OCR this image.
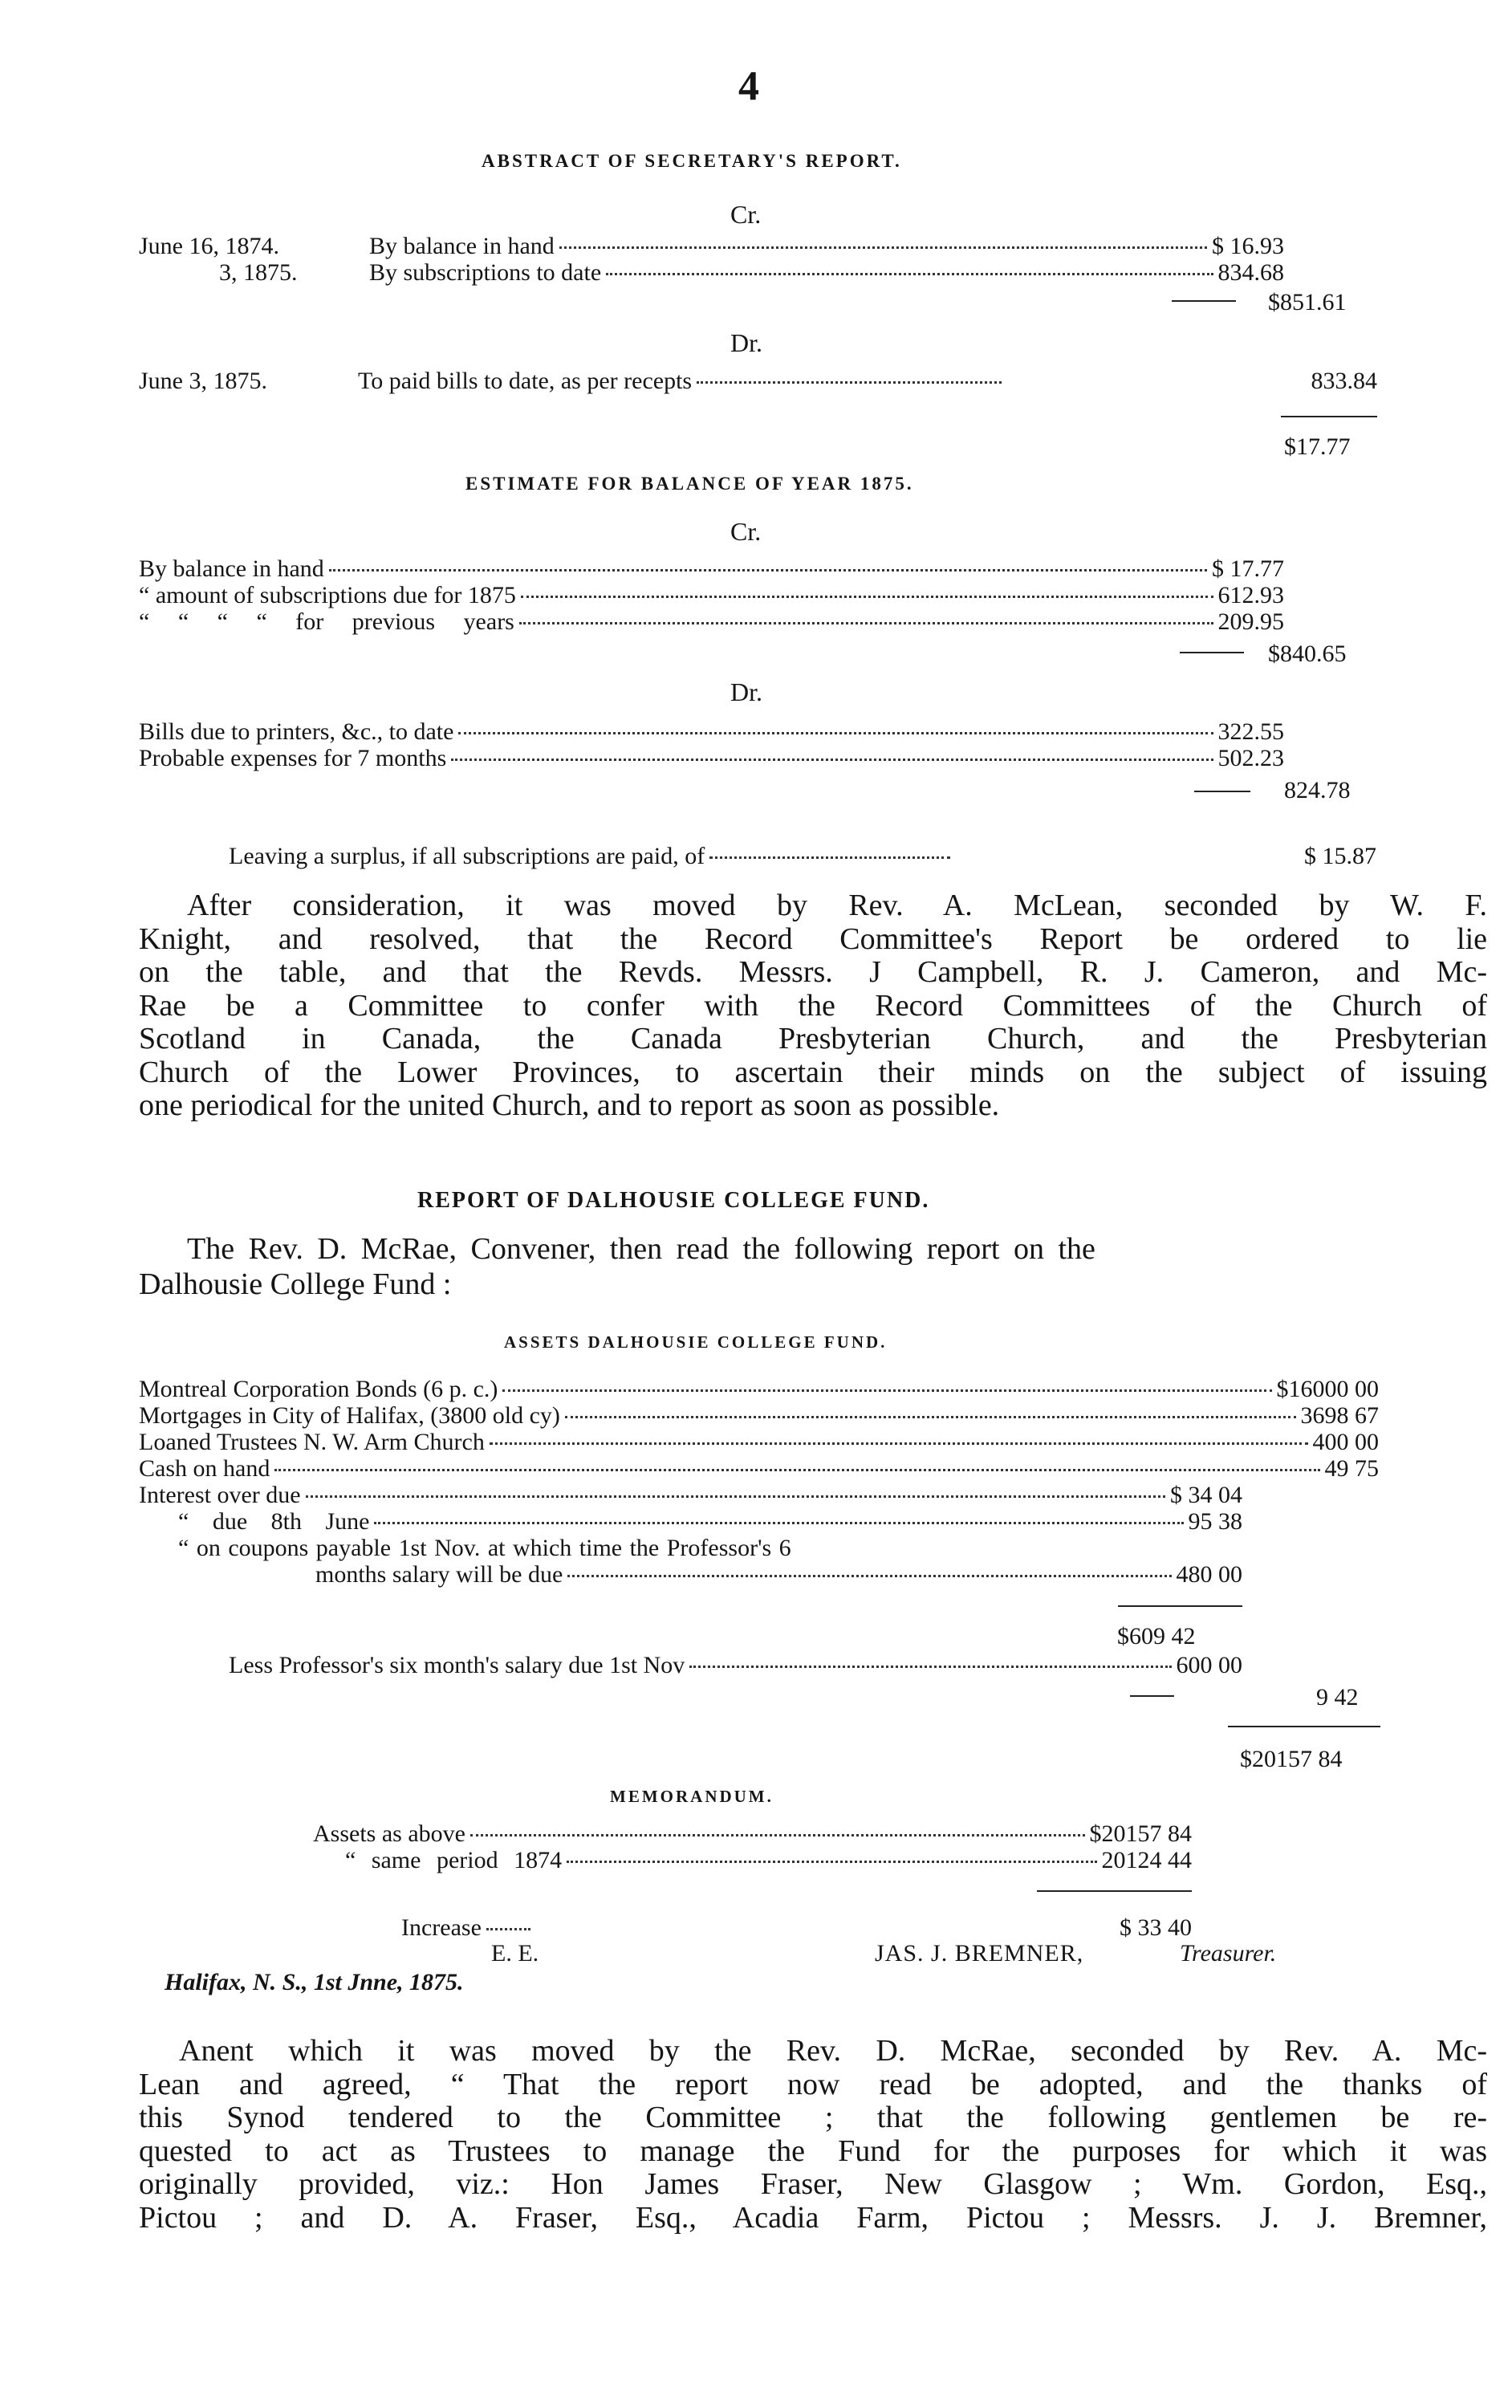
4
ABSTRACT OF SECRETARY'S REPORT.
Cr.
June 16, 1874.	By balance in hand	$ 16.93
3, 1875.	By subscriptions to date	834.68
$851.61
Dr.
June 3, 1875.	To paid bills to date, as per recepts	833.84
$17.77
ESTIMATE FOR BALANCE OF YEAR 1875.
Cr.
By balance in hand	$ 17.77
“ amount of subscriptions due for 1875	612.93
“ “ “ “ for previous years	209.95
$840.65
Dr.
Bills due to printers, &c., to date	322.55
Probable expenses for 7 months	502.23
824.78
Leaving a surplus, if all subscriptions are paid, of	$ 15.87
After consideration, it was moved by Rev. A. McLean, seconded by W. F.
Knight, and resolved, that the Record Committee's Report be ordered to lie
on the table, and that the Revds. Messrs. J Campbell, R. J. Cameron, and Mc-
Rae be a Committee to confer with the Record Committees of the Church of
Scotland in Canada, the Canada Presbyterian Church, and the Presbyterian
Church of the Lower Provinces, to ascertain their minds on the subject of issuing
one periodical for the united Church, and to report as soon as possible.
REPORT OF DALHOUSIE COLLEGE FUND.
The Rev. D. McRae, Convener, then read the following report on the
Dalhousie College Fund :
ASSETS DALHOUSIE COLLEGE FUND.
Montreal Corporation Bonds (6 p. c.)	$16000 00
Mortgages in City of Halifax, (3800 old cy)	3698 67
Loaned Trustees N. W. Arm Church	400 00
Cash on hand	49 75
Interest over due	$ 34 04
“ due 8th June	95 38
“ on coupons payable 1st Nov. at which time the Professor's 6
months salary will be due	480 00
$609 42
Less Professor's six month's salary due 1st Nov	600 00
9 42
$20157 84
MEMORANDUM.
Assets as above	$20157 84
“ same period 1874	20124 44
Increase	$ 33 40
E. E.	JAS. J. BREMNER,	Treasurer.
Halifax, N. S., 1st Jnne, 1875.
Anent which it was moved by the Rev. D. McRae, seconded by Rev. A. Mc-
Lean and agreed, “ That the report now read be adopted, and the thanks of
this Synod tendered to the Committee ; that the following gentlemen be re-
quested to act as Trustees to manage the Fund for the purposes for which it was
originally provided, viz.: Hon James Fraser, New Glasgow ; Wm. Gordon, Esq.,
Pictou ; and D. A. Fraser, Esq., Acadia Farm, Pictou ; Messrs. J. J. Bremner,
